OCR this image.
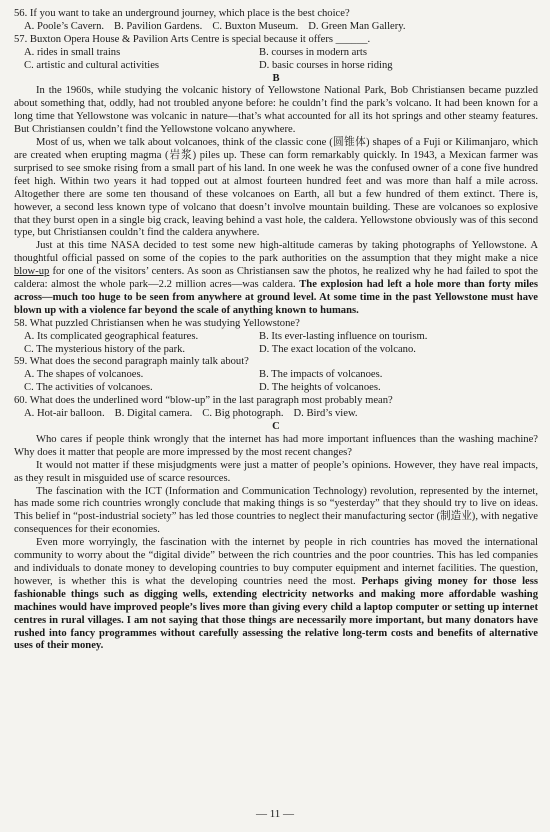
56. If you want to take an underground journey, which place is the best choice?

A. Poole’s Cavern. B. Pavilion Gardens. C. Buxton Museum. D. Green Man Gallery.

57. Buxton Opera House & Pavilion Arts Centre is special because it offers ______.

A. rides in small trains	B. courses in modern arts
C. artistic and cultural activities	D. basic courses in horse riding

B

In the 1960s, while studying the volcanic history of Yellowstone National Park, Bob Christiansen became puzzled about something that, oddly, had not troubled anyone before: he couldn’t find the park’s volcano. It had been known for a long time that Yellowstone was volcanic in nature—that’s what accounted for all its hot springs and other steamy features. But Christiansen couldn’t find the Yellowstone volcano anywhere.

Most of us, when we talk about volcanoes, think of the classic cone (圆锥体) shapes of a Fuji or Kilimanjaro, which are created when erupting magma (岩浆) piles up. These can form remarkably quickly. In 1943, a Mexican farmer was surprised to see smoke rising from a small part of his land. In one week he was the confused owner of a cone five hundred feet high. Within two years it had topped out at almost fourteen hundred feet and was more than half a mile across. Altogether there are some ten thousand of these volcanoes on Earth, all but a few hundred of them extinct. There is, however, a second less known type of volcano that doesn’t involve mountain building. These are volcanoes so explosive that they burst open in a single big crack, leaving behind a vast hole, the caldera. Yellowstone obviously was of this second type, but Christiansen couldn’t find the caldera anywhere.

Just at this time NASA decided to test some new high-altitude cameras by taking photographs of Yellowstone. A thoughtful official passed on some of the copies to the park authorities on the assumption that they might make a nice blow-up for one of the visitors’ centers. As soon as Christiansen saw the photos, he realized why he had failed to spot the caldera: almost the whole park—2.2 million acres—was caldera. The explosion had left a hole more than forty miles across—much too huge to be seen from anywhere at ground level. At some time in the past Yellowstone must have blown up with a violence far beyond the scale of anything known to humans.

58. What puzzled Christiansen when he was studying Yellowstone?

A. Its complicated geographical features.	B. Its ever-lasting influence on tourism.
C. The mysterious history of the park.	D. The exact location of the volcano.

59. What does the second paragraph mainly talk about?

A. The shapes of volcanoes.	B. The impacts of volcanoes.
C. The activities of volcanoes.	D. The heights of volcanoes.

60. What does the underlined word “blow-up” in the last paragraph most probably mean?

A. Hot-air balloon. B. Digital camera. C. Big photograph. D. Bird’s view.

C

Who cares if people think wrongly that the internet has had more important influences than the washing machine? Why does it matter that people are more impressed by the most recent changes?

It would not matter if these misjudgments were just a matter of people’s opinions. However, they have real impacts, as they result in misguided use of scarce resources.

The fascination with the ICT (Information and Communication Technology) revolution, represented by the internet, has made some rich countries wrongly conclude that making things is so “yesterday” that they should try to live on ideas. This belief in “post-industrial society” has led those countries to neglect their manufacturing sector (制造业), with negative consequences for their economies.

Even more worryingly, the fascination with the internet by people in rich countries has moved the international community to worry about the “digital divide” between the rich countries and the poor countries. This has led companies and individuals to donate money to developing countries to buy computer equipment and internet facilities. The question, however, is whether this is what the developing countries need the most. Perhaps giving money for those less fashionable things such as digging wells, extending electricity networks and making more affordable washing machines would have improved people’s lives more than giving every child a laptop computer or setting up internet centres in rural villages. I am not saying that those things are necessarily more important, but many donators have rushed into fancy programmes without carefully assessing the relative long-term costs and benefits of alternative uses of their money.

— 11 —
